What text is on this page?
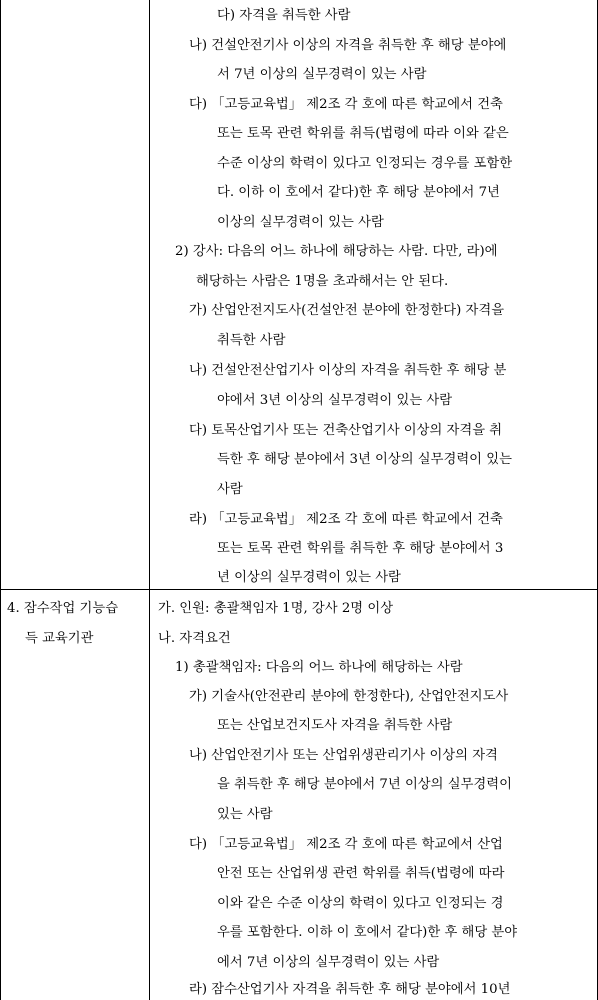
다) 자격을 취득한 사람
나) 건설안전기사 이상의 자격을 취득한 후 해당 분야에
서 7년 이상의 실무경력이 있는 사람
다) 「고등교육법」 제2조 각 호에 따른 학교에서 건축
또는 토목 관련 학위를 취득(법령에 따라 이와 같은
수준 이상의 학력이 있다고 인정되는 경우를 포함한
다. 이하 이 호에서 같다)한 후 해당 분야에서 7년
이상의 실무경력이 있는 사람
2) 강사: 다음의 어느 하나에 해당하는 사람. 다만, 라)에
해당하는 사람은 1명을 초과해서는 안 된다.
가) 산업안전지도사(건설안전 분야에 한정한다) 자격을
취득한 사람
나) 건설안전산업기사 이상의 자격을 취득한 후 해당 분
야에서 3년 이상의 실무경력이 있는 사람
다) 토목산업기사 또는 건축산업기사 이상의 자격을 취
득한 후 해당 분야에서 3년 이상의 실무경력이 있는
사람
라) 「고등교육법」 제2조 각 호에 따른 학교에서 건축
또는 토목 관련 학위를 취득한 후 해당 분야에서 3
년 이상의 실무경력이 있는 사람
4. 잠수작업 기능습
득 교육기관
가. 인원: 총괄책임자 1명, 강사 2명 이상
나. 자격요건
1) 총괄책임자: 다음의 어느 하나에 해당하는 사람
가) 기술사(안전관리 분야에 한정한다), 산업안전지도사
또는 산업보건지도사 자격을 취득한 사람
나) 산업안전기사 또는 산업위생관리기사 이상의 자격
을 취득한 후 해당 분야에서 7년 이상의 실무경력이
있는 사람
다) 「고등교육법」 제2조 각 호에 따른 학교에서 산업
안전 또는 산업위생 관련 학위를 취득(법령에 따라
이와 같은 수준 이상의 학력이 있다고 인정되는 경
우를 포함한다. 이하 이 호에서 같다)한 후 해당 분야
에서 7년 이상의 실무경력이 있는 사람
라) 잠수산업기사 자격을 취득한 후 해당 분야에서 10년
